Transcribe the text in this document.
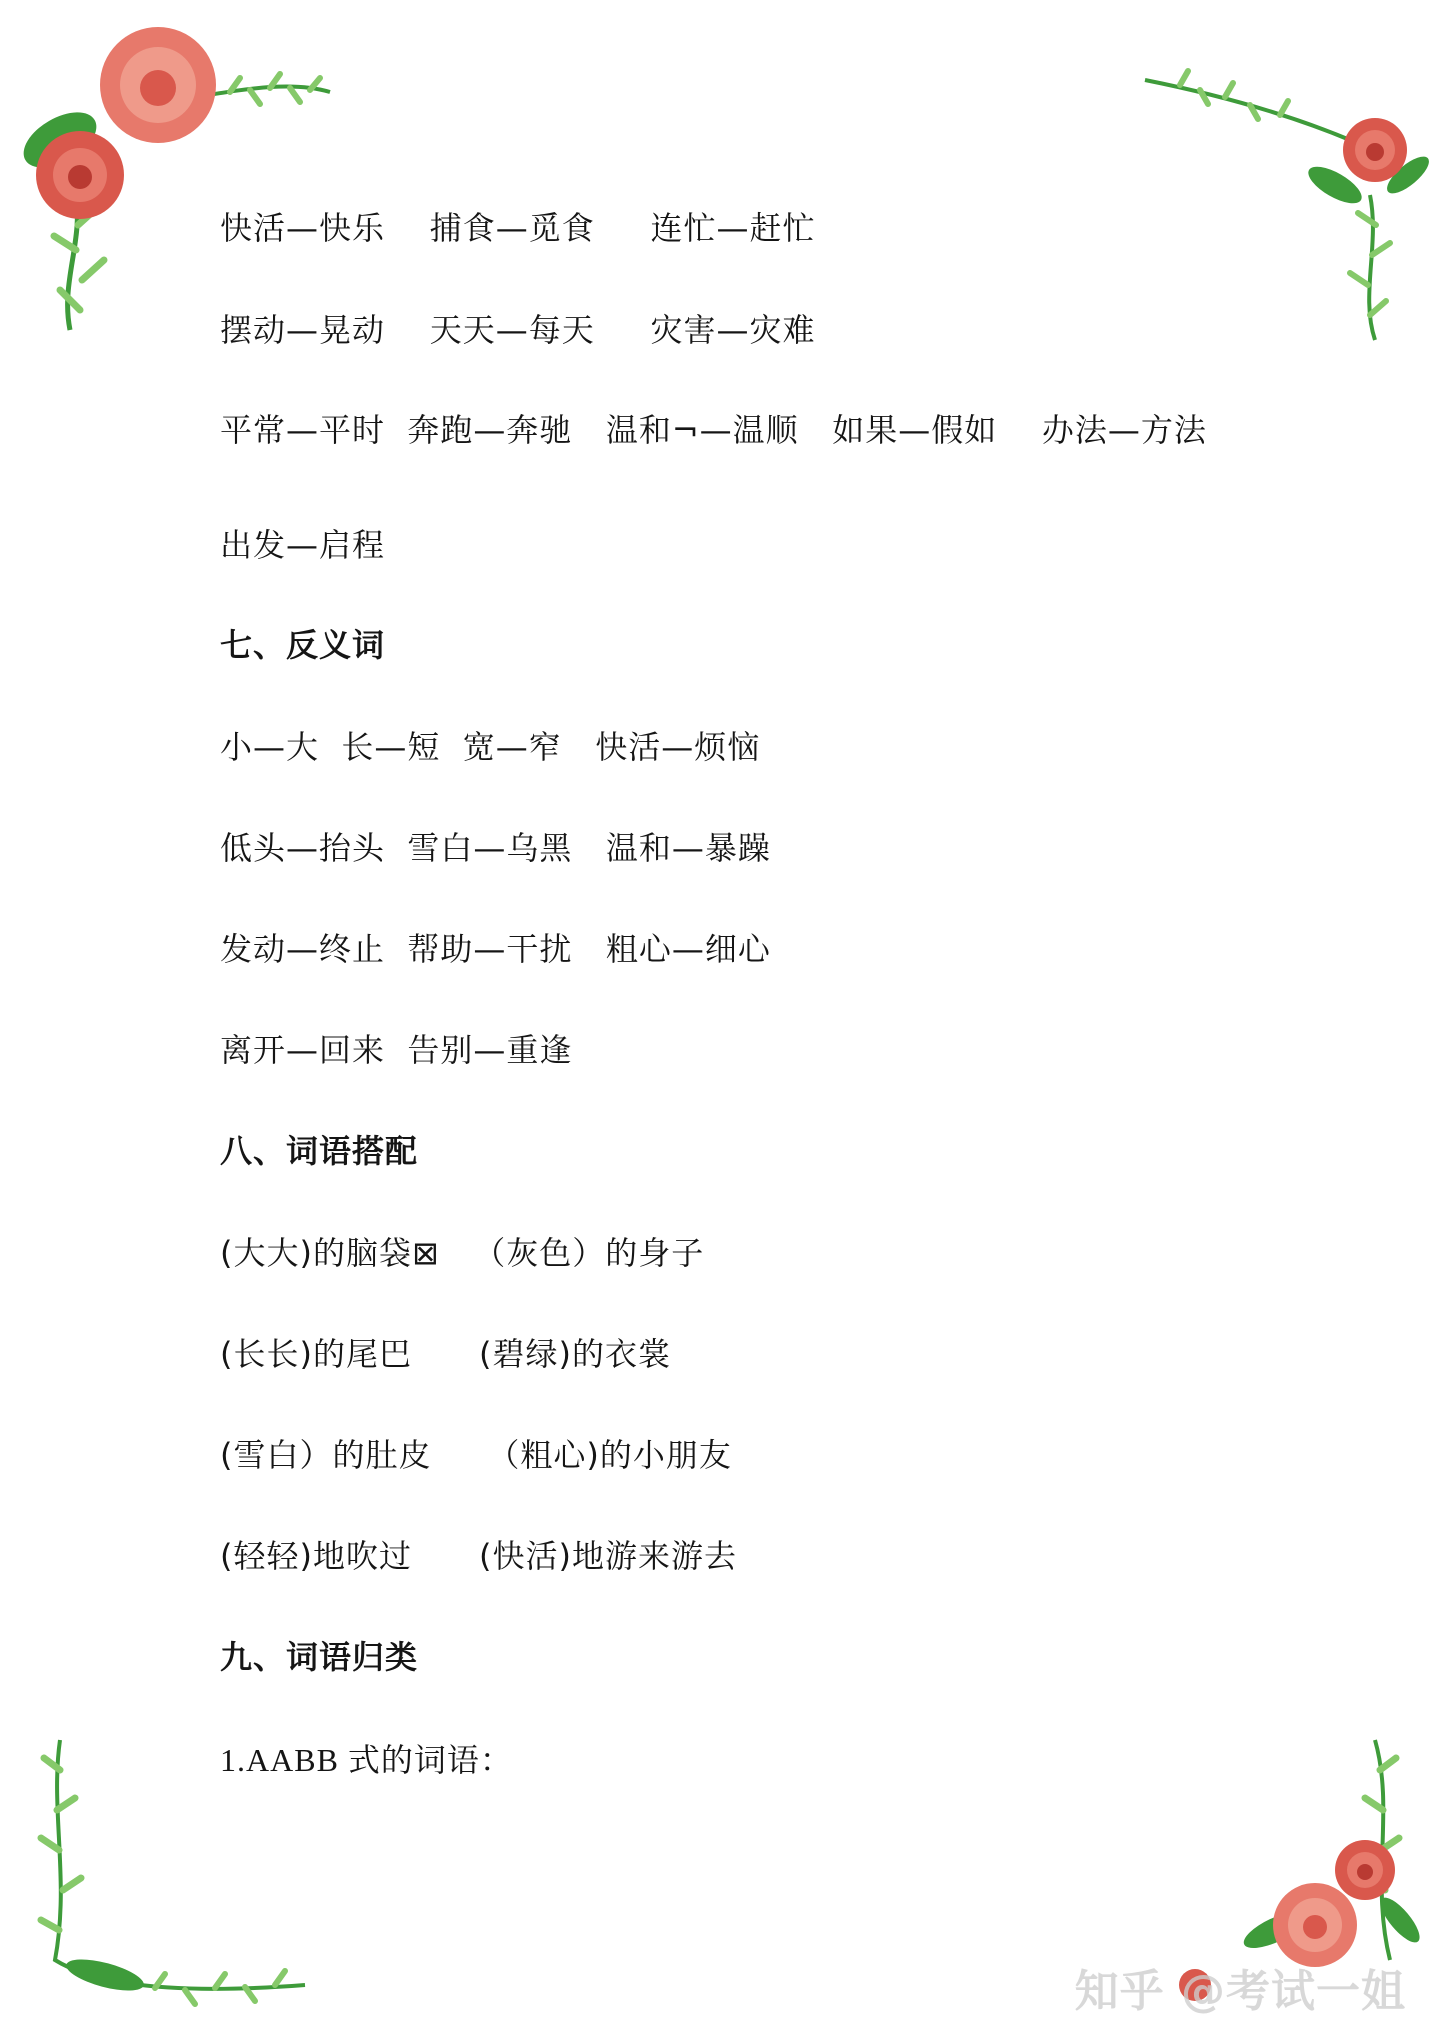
快活—快乐    捕食—觅食     连忙—赶忙
摆动—晃动    天天—每天     灾害—灾难
平常—平时  奔跑—奔驰   温和¬—温顺   如果—假如    办法—方法
出发—启程
七、反义词
小—大  长—短  宽—窄   快活—烦恼
低头—抬头  雪白—乌黑   温和—暴躁
发动—终止  帮助—干扰   粗心—细心
离开—回来  告别—重逢
八、词语搭配
(大大)的脑袋⊠   （灰色）的身子
(长长)的尾巴      (碧绿)的衣裳
(雪白）的肚皮     （粗心)的小朋友
(轻轻)地吹过      (快活)地游来游去
九、词语归类
1.AABB 式的词语：
知乎 @考试一姐
